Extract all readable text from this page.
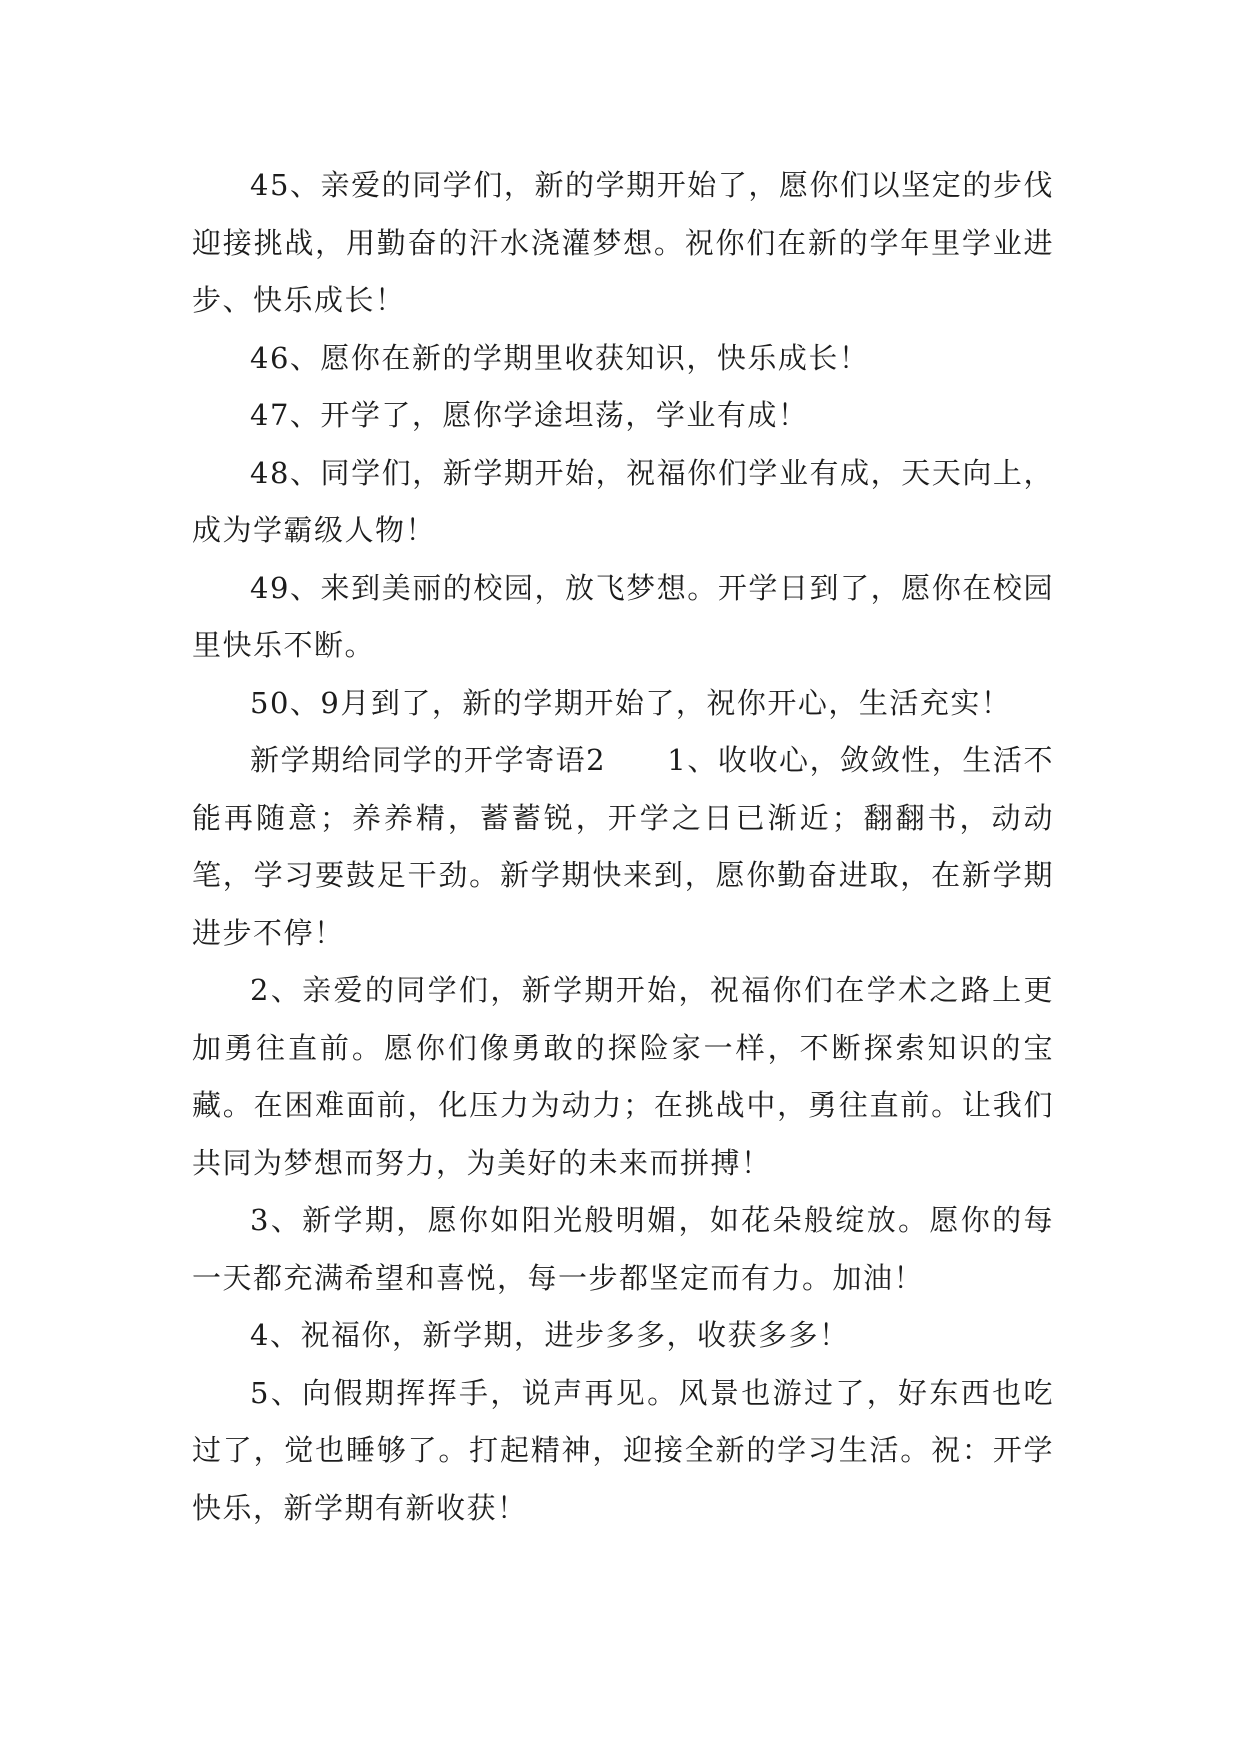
45、亲爱的同学们，新的学期开始了，愿你们以坚定的步伐迎接挑战，用勤奋的汗水浇灌梦想。祝你们在新的学年里学业进步、快乐成长！

46、愿你在新的学期里收获知识，快乐成长！

47、开学了，愿你学途坦荡，学业有成！

48、同学们，新学期开始，祝福你们学业有成，天天向上，成为学霸级人物！

49、来到美丽的校园，放飞梦想。开学日到了，愿你在校园里快乐不断。

50、9月到了，新的学期开始了，祝你开心，生活充实！

新学期给同学的开学寄语2　　1、收收心，敛敛性，生活不能再随意；养养精，蓄蓄锐，开学之日已渐近；翻翻书，动动笔，学习要鼓足干劲。新学期快来到，愿你勤奋进取，在新学期进步不停！

2、亲爱的同学们，新学期开始，祝福你们在学术之路上更加勇往直前。愿你们像勇敢的探险家一样，不断探索知识的宝藏。在困难面前，化压力为动力；在挑战中，勇往直前。让我们共同为梦想而努力，为美好的未来而拼搏！

3、新学期，愿你如阳光般明媚，如花朵般绽放。愿你的每一天都充满希望和喜悦，每一步都坚定而有力。加油！

4、祝福你，新学期，进步多多，收获多多！

5、向假期挥挥手，说声再见。风景也游过了，好东西也吃过了，觉也睡够了。打起精神，迎接全新的学习生活。祝：开学快乐，新学期有新收获！
